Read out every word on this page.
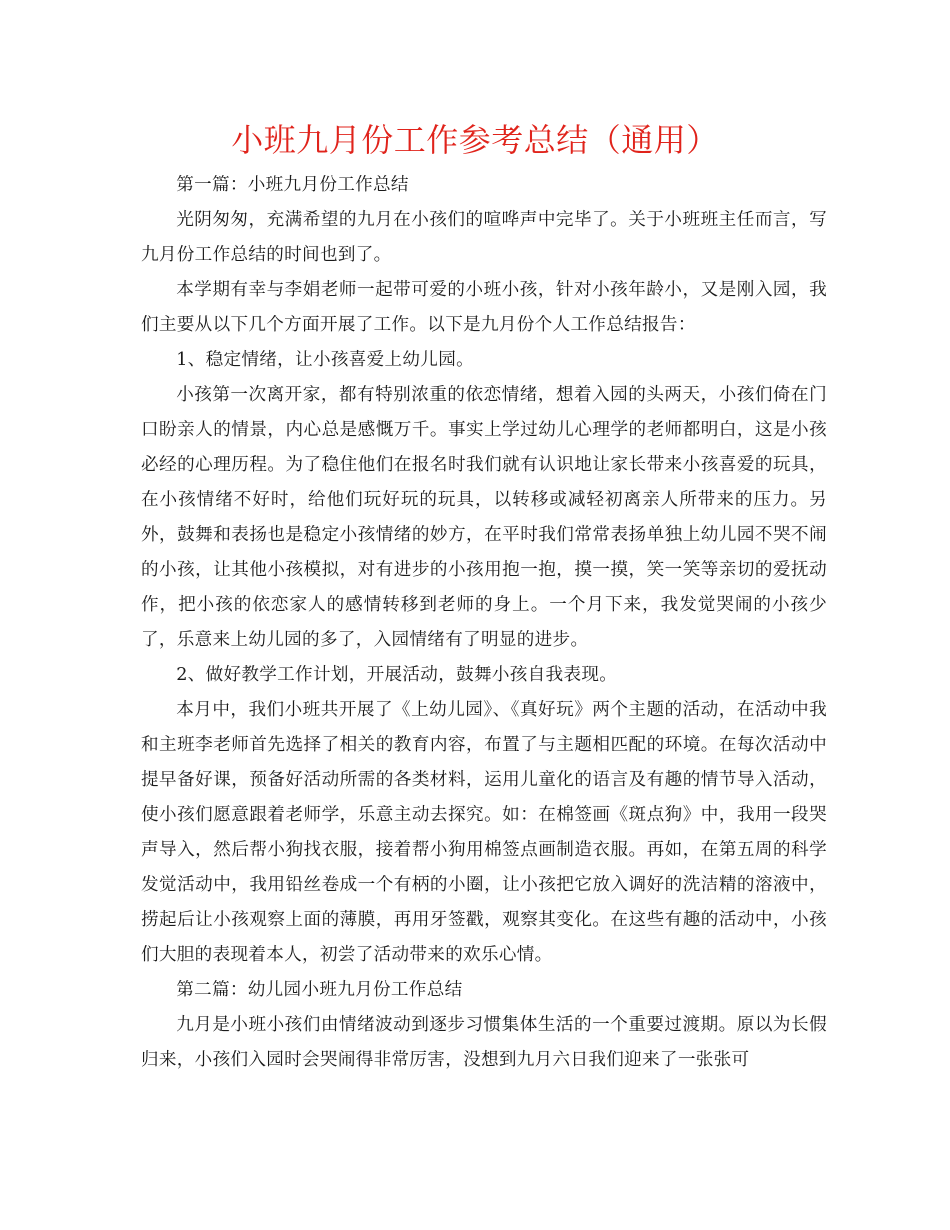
小班九月份工作参考总结（通用）

第一篇：小班九月份工作总结

光阴匆匆，充满希望的九月在小孩们的喧哗声中完毕了。关于小班班主任而言，写九月份工作总结的时间也到了。

本学期有幸与李娟老师一起带可爱的小班小孩，针对小孩年龄小，又是刚入园，我们主要从以下几个方面开展了工作。以下是九月份个人工作总结报告：

1、稳定情绪，让小孩喜爱上幼儿园。

小孩第一次离开家，都有特别浓重的依恋情绪，想着入园的头两天，小孩们倚在门口盼亲人的情景，内心总是感慨万千。事实上学过幼儿心理学的老师都明白，这是小孩必经的心理历程。为了稳住他们在报名时我们就有认识地让家长带来小孩喜爱的玩具，在小孩情绪不好时，给他们玩好玩的玩具，以转移或减轻初离亲人所带来的压力。另外，鼓舞和表扬也是稳定小孩情绪的妙方，在平时我们常常表扬单独上幼儿园不哭不闹的小孩，让其他小孩模拟，对有进步的小孩用抱一抱，摸一摸，笑一笑等亲切的爱抚动作，把小孩的依恋家人的感情转移到老师的身上。一个月下来，我发觉哭闹的小孩少了，乐意来上幼儿园的多了，入园情绪有了明显的进步。

2、做好教学工作计划，开展活动，鼓舞小孩自我表现。

本月中，我们小班共开展了《上幼儿园》、《真好玩》两个主题的活动，在活动中我和主班李老师首先选择了相关的教育内容，布置了与主题相匹配的环境。在每次活动中提早备好课，预备好活动所需的各类材料，运用儿童化的语言及有趣的情节导入活动，使小孩们愿意跟着老师学，乐意主动去探究。如：在棉签画《斑点狗》中，我用一段哭声导入，然后帮小狗找衣服，接着帮小狗用棉签点画制造衣服。再如，在第五周的科学发觉活动中，我用铅丝卷成一个有柄的小圈，让小孩把它放入调好的洗洁精的溶液中，捞起后让小孩观察上面的薄膜，再用牙签戳，观察其变化。在这些有趣的活动中，小孩们大胆的表现着本人，初尝了活动带来的欢乐心情。

第二篇：幼儿园小班九月份工作总结

九月是小班小孩们由情绪波动到逐步习惯集体生活的一个重要过渡期。原以为长假归来，小孩们入园时会哭闹得非常厉害，没想到九月六日我们迎来了一张张可
